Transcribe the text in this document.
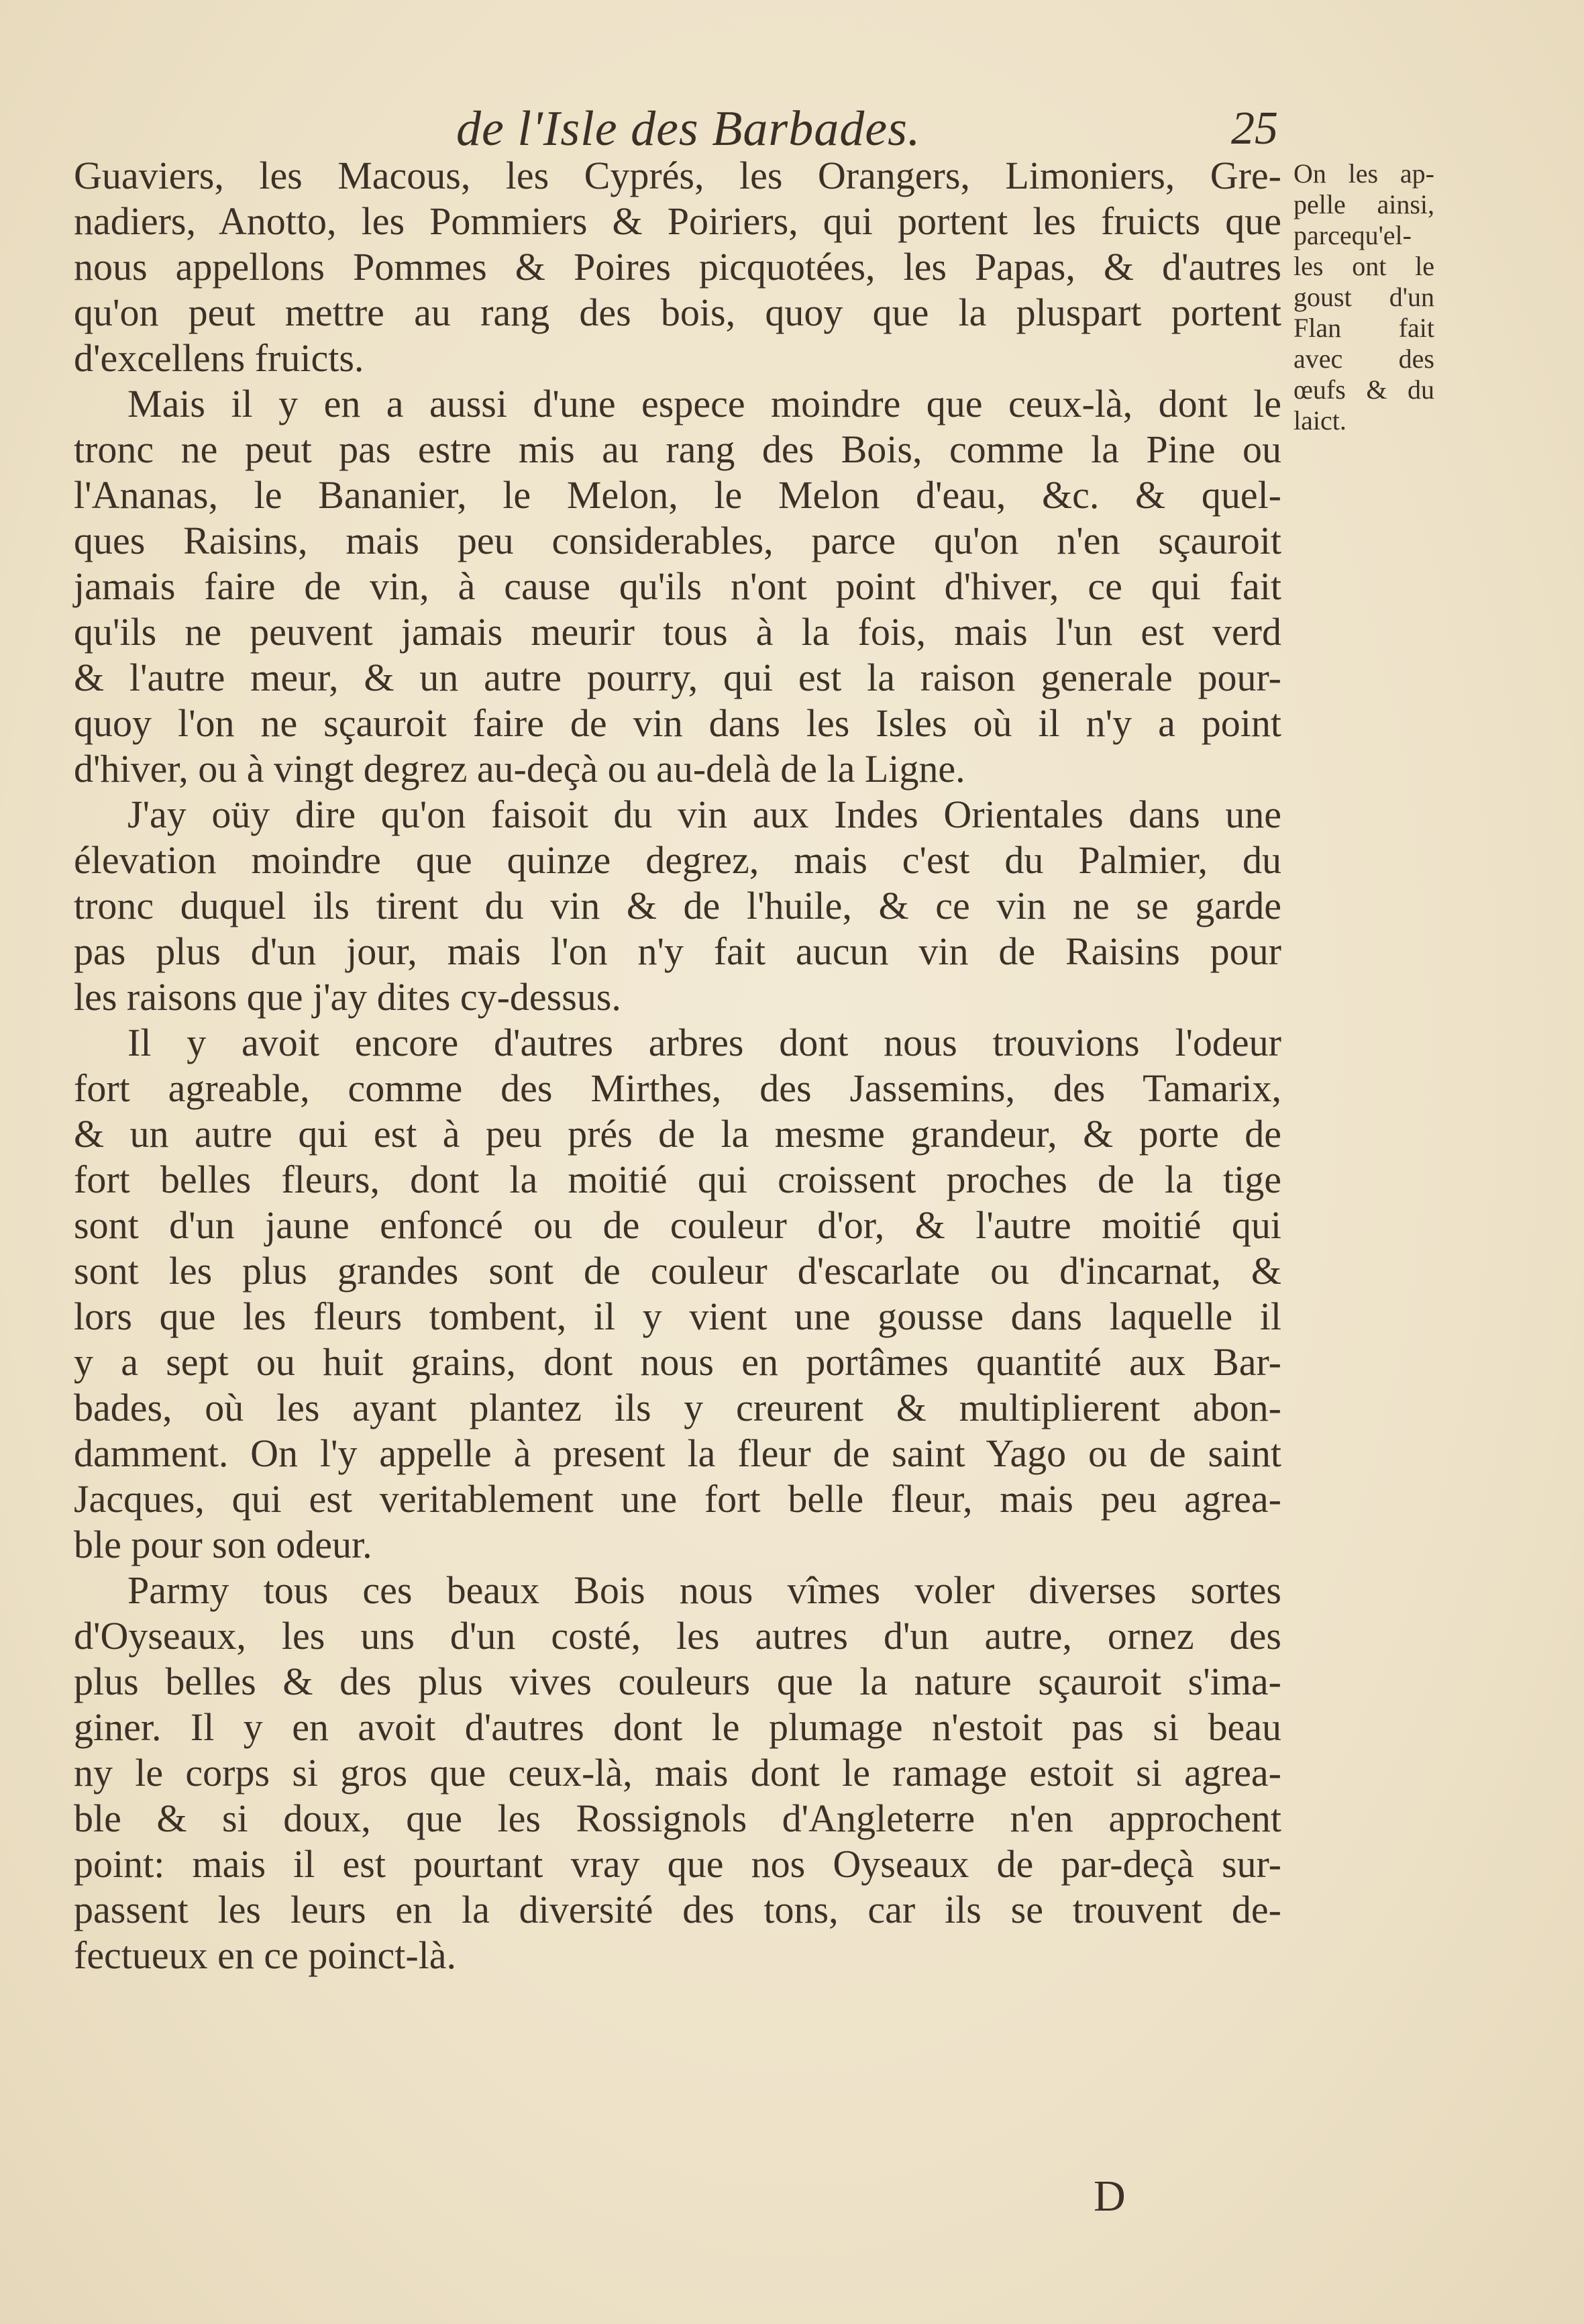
de l'Isle des Barbades.	25
Guaviers, les Macous, les Cyprés, les Orangers, Limoniers, Gre-
nadiers, Anotto, les Pommiers & Poiriers, qui portent les fruicts que
nous appellons Pommes & Poires picquotées, les Papas, & d'autres
qu'on peut mettre au rang des bois, quoy que la pluspart portent
d'excellens fruicts.
Mais il y en a aussi d'une espece moindre que ceux-là, dont le
tronc ne peut pas estre mis au rang des Bois, comme la Pine ou
l'Ananas, le Bananier, le Melon, le Melon d'eau, &c. & quel-
ques Raisins, mais peu considerables, parce qu'on n'en sçauroit
jamais faire de vin, à cause qu'ils n'ont point d'hiver, ce qui fait
qu'ils ne peuvent jamais meurir tous à la fois, mais l'un est verd
& l'autre meur, & un autre pourry, qui est la raison generale pour-
quoy l'on ne sçauroit faire de vin dans les Isles où il n'y a point
d'hiver, ou à vingt degrez au-deçà ou au-delà de la Ligne.
J'ay oüy dire qu'on faisoit du vin aux Indes Orientales dans une
élevation moindre que quinze degrez, mais c'est du Palmier, du
tronc duquel ils tirent du vin & de l'huile, & ce vin ne se garde
pas plus d'un jour, mais l'on n'y fait aucun vin de Raisins pour
les raisons que j'ay dites cy-dessus.
Il y avoit encore d'autres arbres dont nous trouvions l'odeur
fort agreable, comme des Mirthes, des Jassemins, des Tamarix,
& un autre qui est à peu prés de la mesme grandeur, & porte de
fort belles fleurs, dont la moitié qui croissent proches de la tige
sont d'un jaune enfoncé ou de couleur d'or, & l'autre moitié qui
sont les plus grandes sont de couleur d'escarlate ou d'incarnat, &
lors que les fleurs tombent, il y vient une gousse dans laquelle il
y a sept ou huit grains, dont nous en portâmes quantité aux Bar-
bades, où les ayant plantez ils y creurent & multiplierent abon-
damment. On l'y appelle à present la fleur de saint Yago ou de saint
Jacques, qui est veritablement une fort belle fleur, mais peu agrea-
ble pour son odeur.
Parmy tous ces beaux Bois nous vîmes voler diverses sortes
d'Oyseaux, les uns d'un costé, les autres d'un autre, ornez des
plus belles & des plus vives couleurs que la nature sçauroit s'ima-
giner. Il y en avoit d'autres dont le plumage n'estoit pas si beau
ny le corps si gros que ceux-là, mais dont le ramage estoit si agrea-
ble & si doux, que les Rossignols d'Angleterre n'en approchent
point: mais il est pourtant vray que nos Oyseaux de par-deçà sur-
passent les leurs en la diversité des tons, car ils se trouvent de-
fectueux en ce poinct-là.
On les ap-
pelle ainsi,
parcequ'el-
les ont le
goust d'un
Flan fait
avec des
œufs & du
laict.
D
